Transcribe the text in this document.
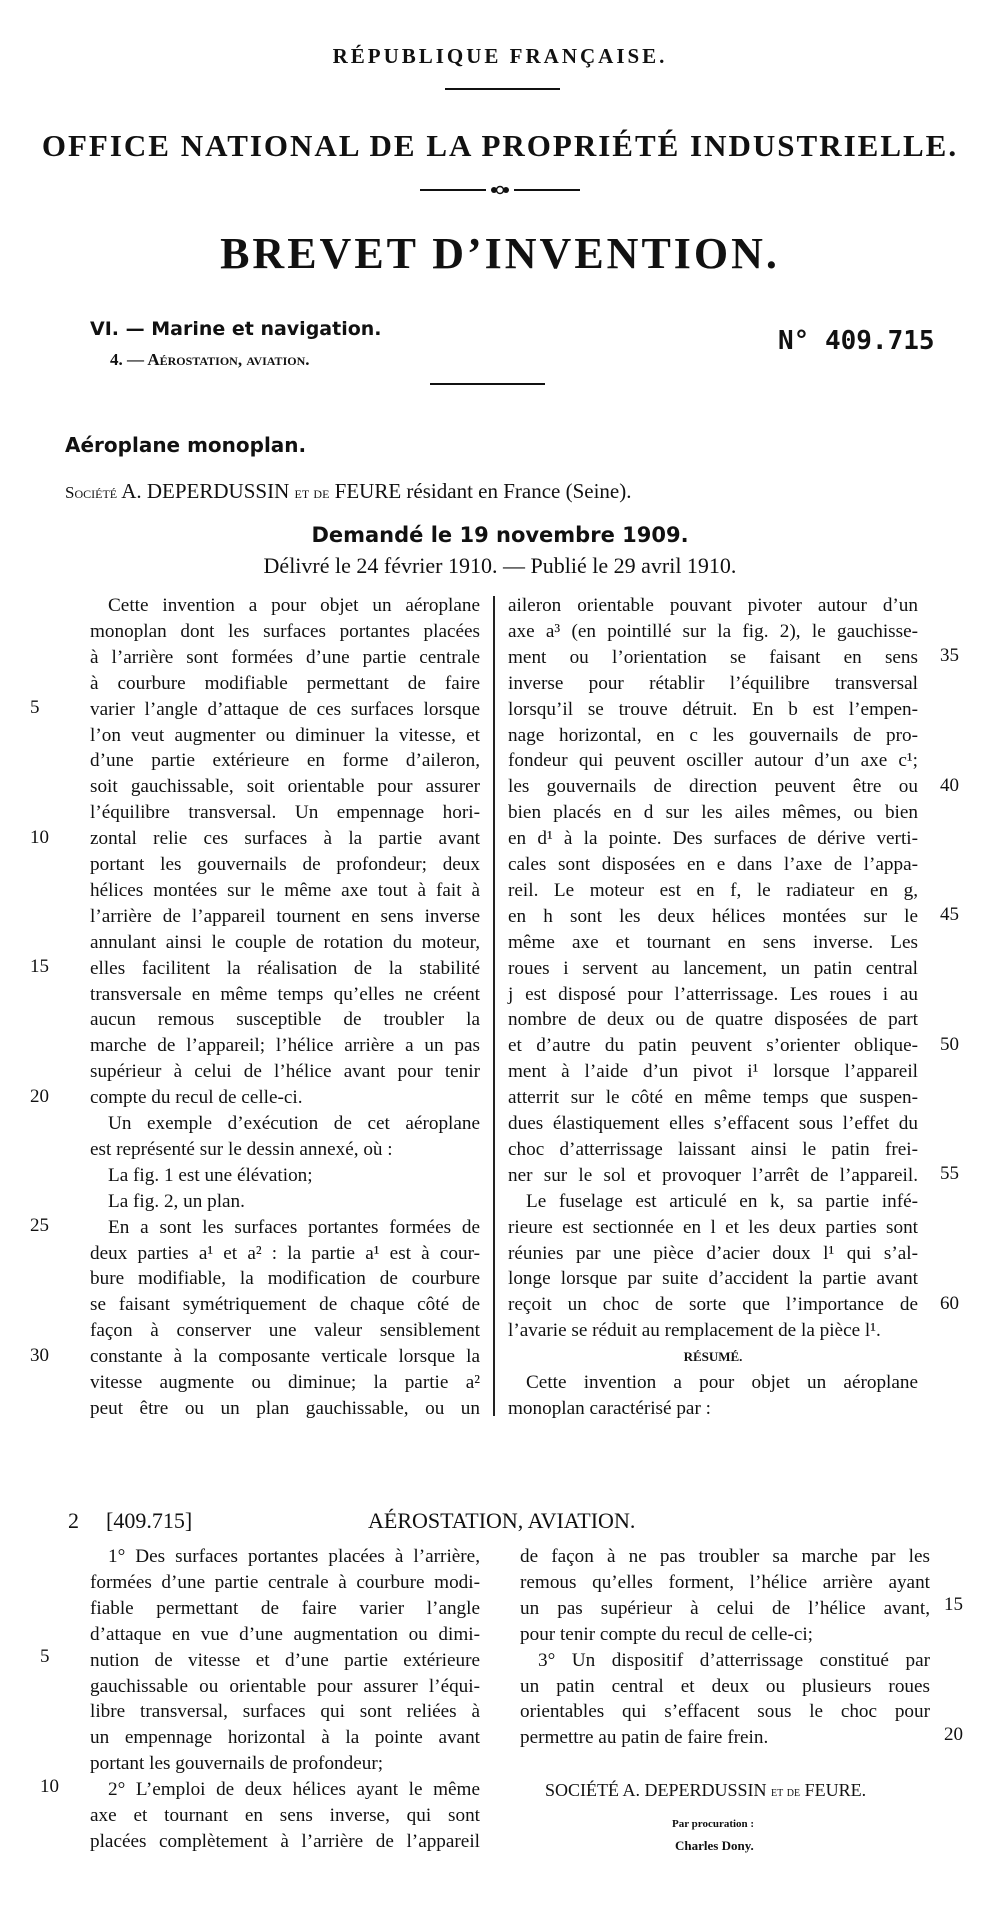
RÉPUBLIQUE FRANÇAISE.
OFFICE NATIONAL DE LA PROPRIÉTÉ INDUSTRIELLE.
BREVET D’INVENTION.
VI. — Marine et navigation.
4. — Aérostation, aviation.
N° 409.715
Aéroplane monoplan.
Société A. DEPERDUSSIN et de FEURE résidant en France (Seine).
Demandé le 19 novembre 1909.
Délivré le 24 février 1910. — Publié le 29 avril 1910.
Cette invention a pour objet un aéroplane
monoplan dont les surfaces portantes placées
à l’arrière sont formées d’une partie centrale
à courbure modifiable permettant de faire
varier l’angle d’attaque de ces surfaces lorsque
l’on veut augmenter ou diminuer la vitesse, et
d’une partie extérieure en forme d’aileron,
soit gauchissable, soit orientable pour assurer
l’équilibre transversal. Un empennage hori-
zontal relie ces surfaces à la partie avant
portant les gouvernails de profondeur; deux
hélices montées sur le même axe tout à fait à
l’arrière de l’appareil tournent en sens inverse
annulant ainsi le couple de rotation du moteur,
elles facilitent la réalisation de la stabilité
transversale en même temps qu’elles ne créent
aucun remous susceptible de troubler la
marche de l’appareil; l’hélice arrière a un pas
supérieur à celui de l’hélice avant pour tenir
compte du recul de celle-ci.
Un exemple d’exécution de cet aéroplane
est représenté sur le dessin annexé, où :
La fig. 1 est une élévation;
La fig. 2, un plan.
En a sont les surfaces portantes formées de
deux parties a¹ et a² : la partie a¹ est à cour-
bure modifiable, la modification de courbure
se faisant symétriquement de chaque côté de
façon à conserver une valeur sensiblement
constante à la composante verticale lorsque la
vitesse augmente ou diminue; la partie a²
peut être ou un plan gauchissable, ou un
aileron orientable pouvant pivoter autour d’un
axe a³ (en pointillé sur la fig. 2), le gauchisse-
ment ou l’orientation se faisant en sens
inverse pour rétablir l’équilibre transversal
lorsqu’il se trouve détruit. En b est l’empen-
nage horizontal, en c les gouvernails de pro-
fondeur qui peuvent osciller autour d’un axe c¹;
les gouvernails de direction peuvent être ou
bien placés en d sur les ailes mêmes, ou bien
en d¹ à la pointe. Des surfaces de dérive verti-
cales sont disposées en e dans l’axe de l’appa-
reil. Le moteur est en f, le radiateur en g,
en h sont les deux hélices montées sur le
même axe et tournant en sens inverse. Les
roues i servent au lancement, un patin central
j est disposé pour l’atterrissage. Les roues i au
nombre de deux ou de quatre disposées de part
et d’autre du patin peuvent s’orienter oblique-
ment à l’aide d’un pivot i¹ lorsque l’appareil
atterrit sur le côté en même temps que suspen-
dues élastiquement elles s’effacent sous l’effet du
choc d’atterrissage laissant ainsi le patin frei-
ner sur le sol et provoquer l’arrêt de l’appareil.
Le fuselage est articulé en k, sa partie infé-
rieure est sectionnée en l et les deux parties sont
réunies par une pièce d’acier doux l¹ qui s’al-
longe lorsque par suite d’accident la partie avant
reçoit un choc de sorte que l’importance de
l’avarie se réduit au remplacement de la pièce l¹.
RÉSUMÉ.
Cette invention a pour objet un aéroplane
monoplan caractérisé par :
2 [409.715]	AÉROSTATION, AVIATION.
1° Des surfaces portantes placées à l’arrière,
formées d’une partie centrale à courbure modi-
fiable permettant de faire varier l’angle
d’attaque en vue d’une augmentation ou dimi-
nution de vitesse et d’une partie extérieure
gauchissable ou orientable pour assurer l’équi-
libre transversal, surfaces qui sont reliées à
un empennage horizontal à la pointe avant
portant les gouvernails de profondeur;
2° L’emploi de deux hélices ayant le même
axe et tournant en sens inverse, qui sont
placées complètement à l’arrière de l’appareil
de façon à ne pas troubler sa marche par les
remous qu’elles forment, l’hélice arrière ayant
un pas supérieur à celui de l’hélice avant,
pour tenir compte du recul de celle-ci;
3° Un dispositif d’atterrissage constitué par
un patin central et deux ou plusieurs roues
orientables qui s’effacent sous le choc pour
permettre au patin de faire frein.
SOCIÉTÉ A. DEPERDUSSIN et de FEURE.
Par procuration :
Charles Dony.
5
10
15
20
25
30
35
40
45
50
55
60
5
10
15
20
